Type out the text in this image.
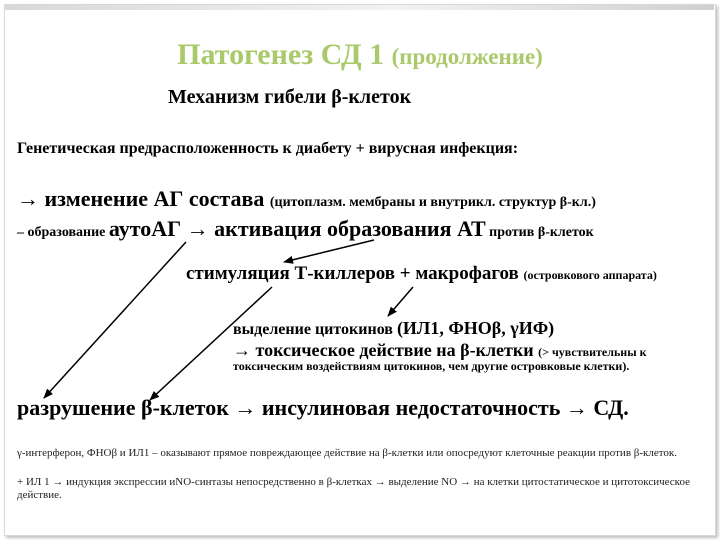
Патогенез СД 1 (продолжение)
Механизм гибели β-клеток
Генетическая предрасположенность к диабету + вирусная инфекция:
→ изменение АГ состава (цитоплазм. мембраны и внутрикл. структур β-кл.)
– образование аутоАГ → активация образования АТ против β-клеток
стимуляция Т-киллеров + макрофагов (островкового аппарата)
выделение цитокинов (ИЛ1, ФНОβ, γИФ)
→ токсическое действие на β-клетки (> чувствительны к
токсическим воздействиям цитокинов, чем другие островковые клетки).
разрушение β-клеток → инсулиновая недостаточность → СД.
γ-интерферон, ФНОβ и ИЛ1 – оказывают прямое повреждающее действие на β-клетки или опосредуют клеточные реакции против β-клеток.
+ ИЛ 1 → индукция экспрессии иNO-синтазы непосредственно в β-клетках → выделение NO → на клетки цитостатическое и цитотоксическое действие.
